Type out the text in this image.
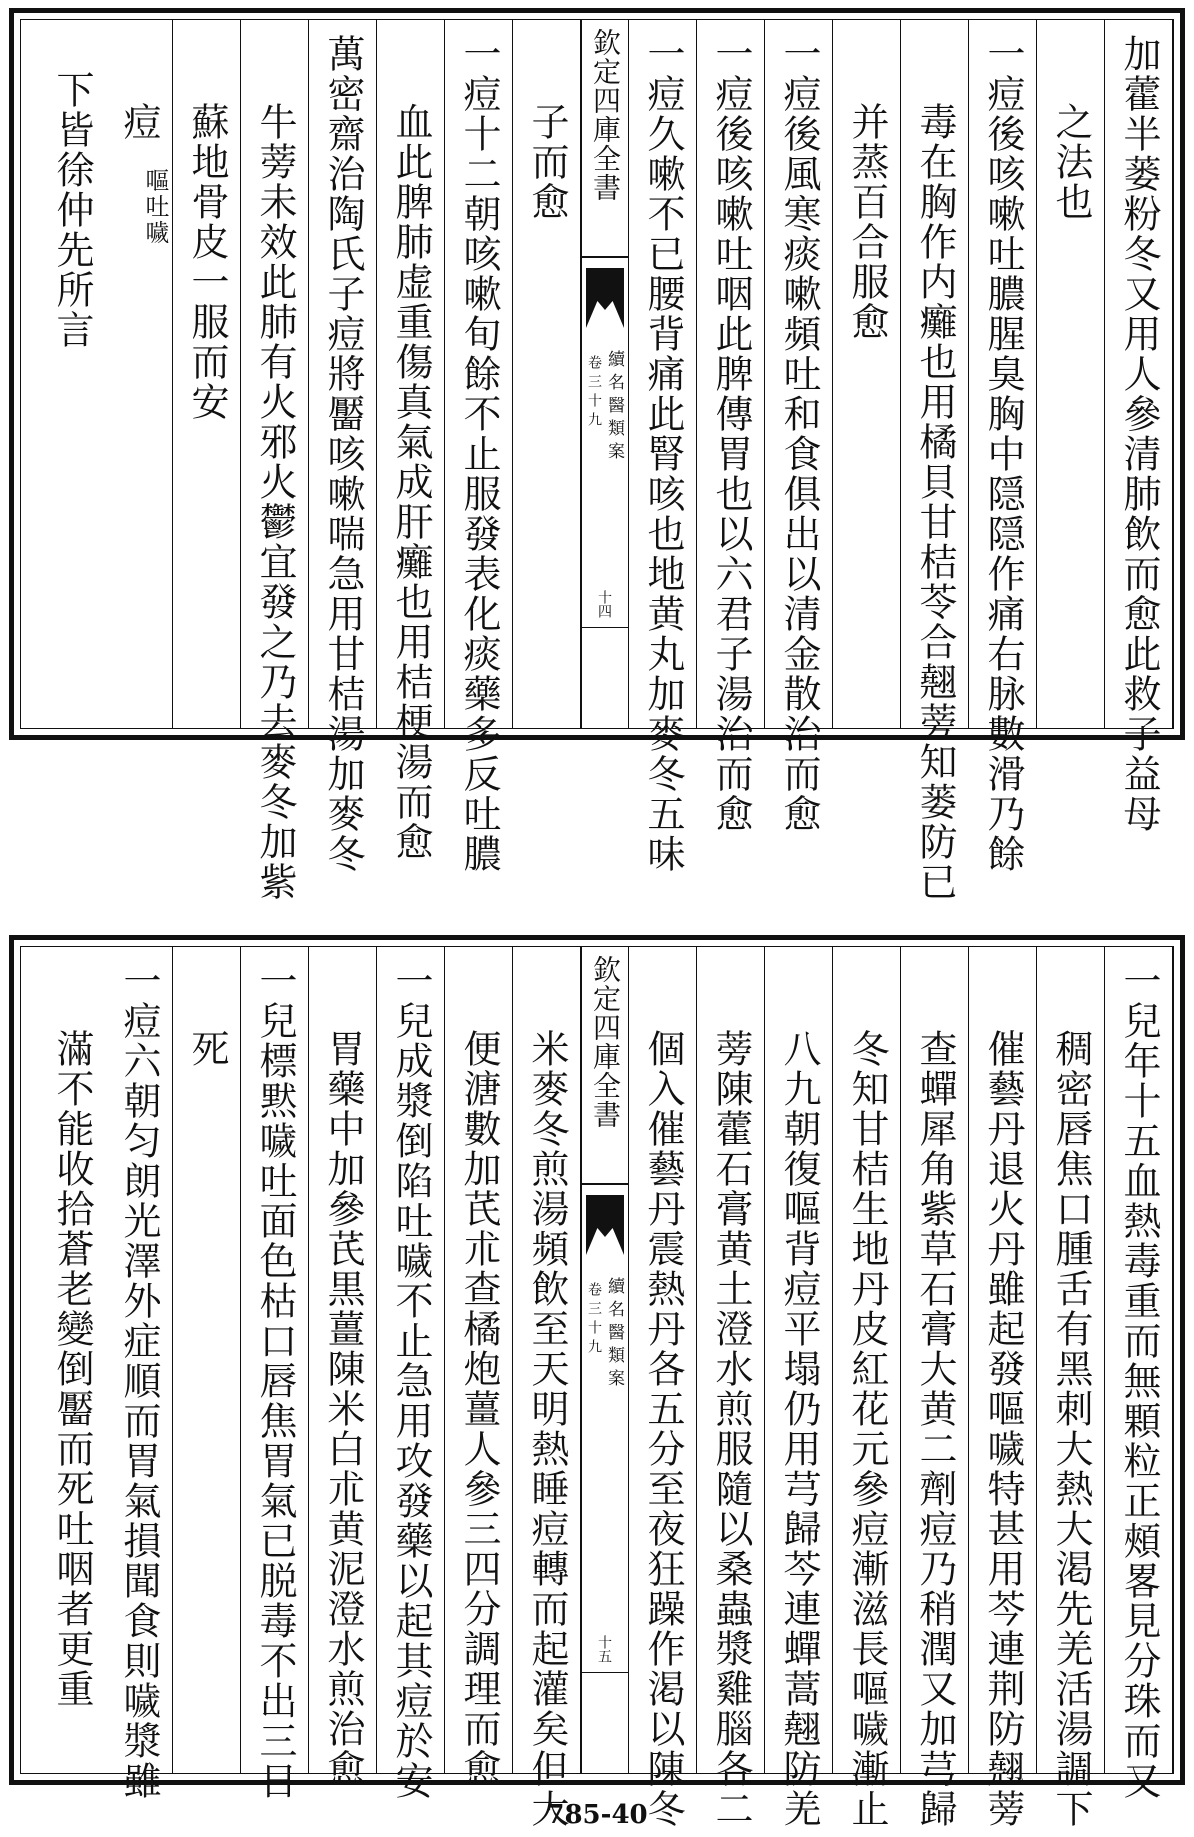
加藿半蒌粉冬又用人參清肺飲而愈此救子益母
之法也
一痘後咳嗽吐膿腥臭胸中隠隠作痛右脉數滑乃餘
毒在胸作内癱也用橘貝甘桔苓合翹蒡知蒌防已
并蒸百合服愈
一痘後風寒痰嗽頻吐和食俱出以清金散治而愈
一痘後咳嗽吐咽此脾傳胃也以六君子湯治而愈
一痘久嗽不已腰背痛此腎咳也地黄丸加麥冬五味
欽定四庫全書
續名醫類案
卷三十九
十四
子而愈
一痘十二朝咳嗽旬餘不止服發表化痰藥多反吐膿
血此脾肺虚重傷真氣成肝癱也用桔梗湯而愈
萬密齋治陶氏子痘將靨咳嗽喘急用甘桔湯加麥冬
牛蒡未效此肺有火邪火鬱宜發之乃去麥冬加紫
蘇地骨皮一服而安
痘
嘔吐噦
下皆徐仲先所言
一兒年十五血熱毒重而無顆粒正頰畧見分珠而又
稠密唇焦口腫舌有黑刺大熱大渇先羌活湯調下
催藝丹退火丹雖起發嘔噦特甚用芩連荆防翹蒡
查蟬犀角紫草石膏大黄二劑痘乃稍潤又加芎歸
冬知甘桔生地丹皮紅花元參痘漸滋長嘔噦漸止
八九朝復嘔背痘平塌仍用芎歸芩連蟬蒿翹防羌
蒡陳藿石膏黄土澄水煎服隨以桑蟲漿雞腦各二
個入催藝丹震熱丹各五分至夜狂躁作渇以陳冬
欽定四庫全書
續名醫類案
卷三十九
十五
米麥冬煎湯頻飲至天明熱睡痘轉而起灌矣但大
便溏數加芪朮查橘炮薑人參三四分調理而愈
一兒成漿倒陷吐噦不止急用攻發藥以起其痘於安
胃藥中加參芪黒薑陳米白朮黄泥澄水煎治愈
一兒標黙噦吐面色枯口唇焦胃氣已脱毒不出三日
死
一痘六朝匀朗光澤外症順而胃氣損聞食則噦漿雖
滿不能收拾蒼老變倒靨而死吐咽者更重
785-40
